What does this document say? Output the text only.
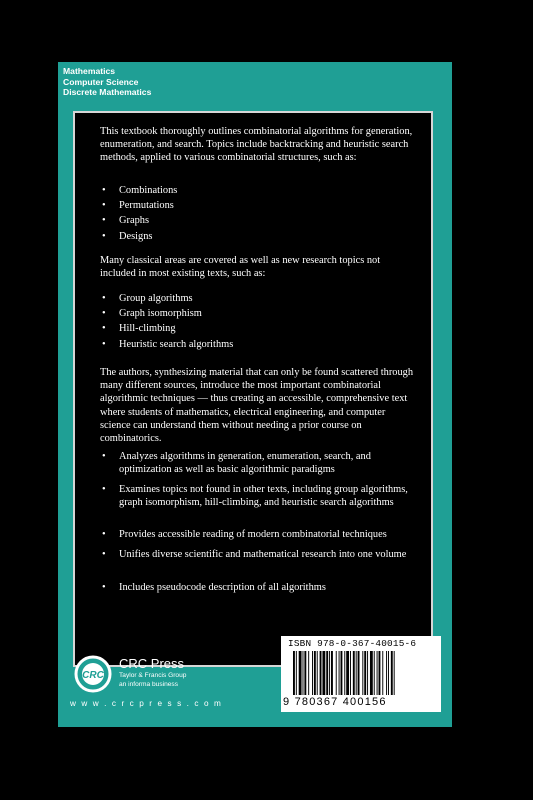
Mathematics
Computer Science
Discrete Mathematics

This textbook thoroughly outlines combinatorial algorithms for generation, enumeration, and search. Topics include backtracking and heuristic search methods, applied to various combinatorial structures, such as:

• Combinations
• Permutations
• Graphs
• Designs

Many classical areas are covered as well as new research topics not included in most existing texts, such as:

• Group algorithms
• Graph isomorphism
• Hill-climbing
• Heuristic search algorithms

The authors, synthesizing material that can only be found scattered through many different sources, introduce the most important combinatorial algorithmic techniques — thus creating an accessible, comprehensive text where students of mathematics, electrical engineering, and computer science can understand them without needing a prior course on combinatorics.

• Analyzes algorithms in generation, enumeration, search, and optimization as well as basic algorithmic paradigms
• Examines topics not found in other texts, including group algorithms, graph isomorphism, hill-climbing, and heuristic search algorithms
• Provides accessible reading of modern combinatorial techniques
• Unifies diverse scientific and mathematical research into one volume
• Includes pseudocode description of all algorithms
CRC
CRC Press
Taylor & Francis Group
an informa business
w w w . c r c p r e s s . c o m
ISBN 978-0-367-40015-6
9 780367 400156
